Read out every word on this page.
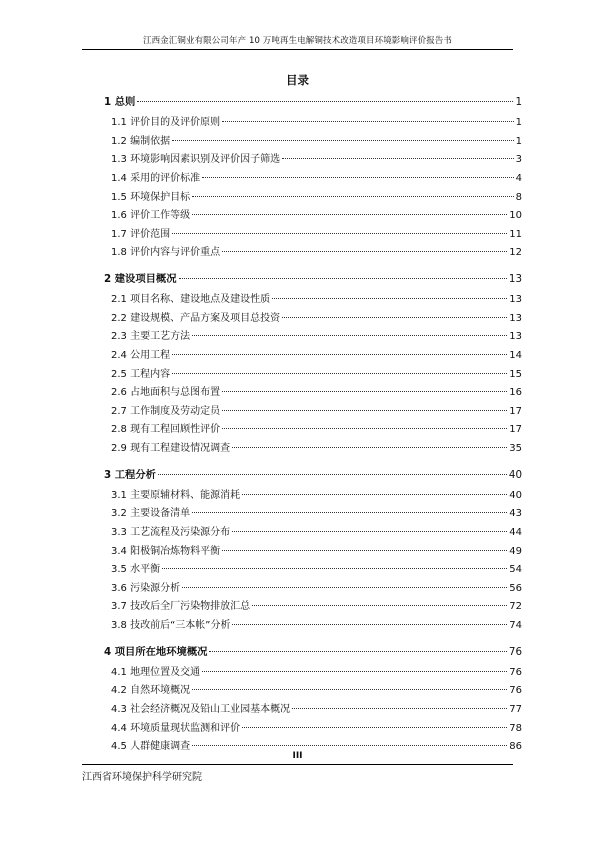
江西金汇铜业有限公司年产 10 万吨再生电解铜技术改造项目环境影响评价报告书
目录
1 总则	1
1.1 评价目的及评价原则	1
1.2 编制依据	1
1.3 环境影响因素识别及评价因子筛选	3
1.4 采用的评价标准	4
1.5 环境保护目标	8
1.6 评价工作等级	10
1.7 评价范围	11
1.8 评价内容与评价重点	12
2 建设项目概况	13
2.1 项目名称、建设地点及建设性质	13
2.2 建设规模、产品方案及项目总投资	13
2.3 主要工艺方法	13
2.4 公用工程	14
2.5 工程内容	15
2.6 占地面积与总图布置	16
2.7 工作制度及劳动定员	17
2.8 现有工程回顾性评价	17
2.9 现有工程建设情况调查	35
3 工程分析	40
3.1 主要原辅材料、能源消耗	40
3.2 主要设备清单	43
3.3 工艺流程及污染源分布	44
3.4 阳极铜冶炼物料平衡	49
3.5 水平衡	54
3.6 污染源分析	56
3.7 技改后全厂污染物排放汇总	72
3.8 技改前后“三本帐”分析	74
4 项目所在地环境概况	76
4.1 地理位置及交通	76
4.2 自然环境概况	76
4.3 社会经济概况及铅山工业园基本概况	77
4.4 环境质量现状监测和评价	78
4.5 人群健康调查	86
III
江西省环境保护科学研究院
